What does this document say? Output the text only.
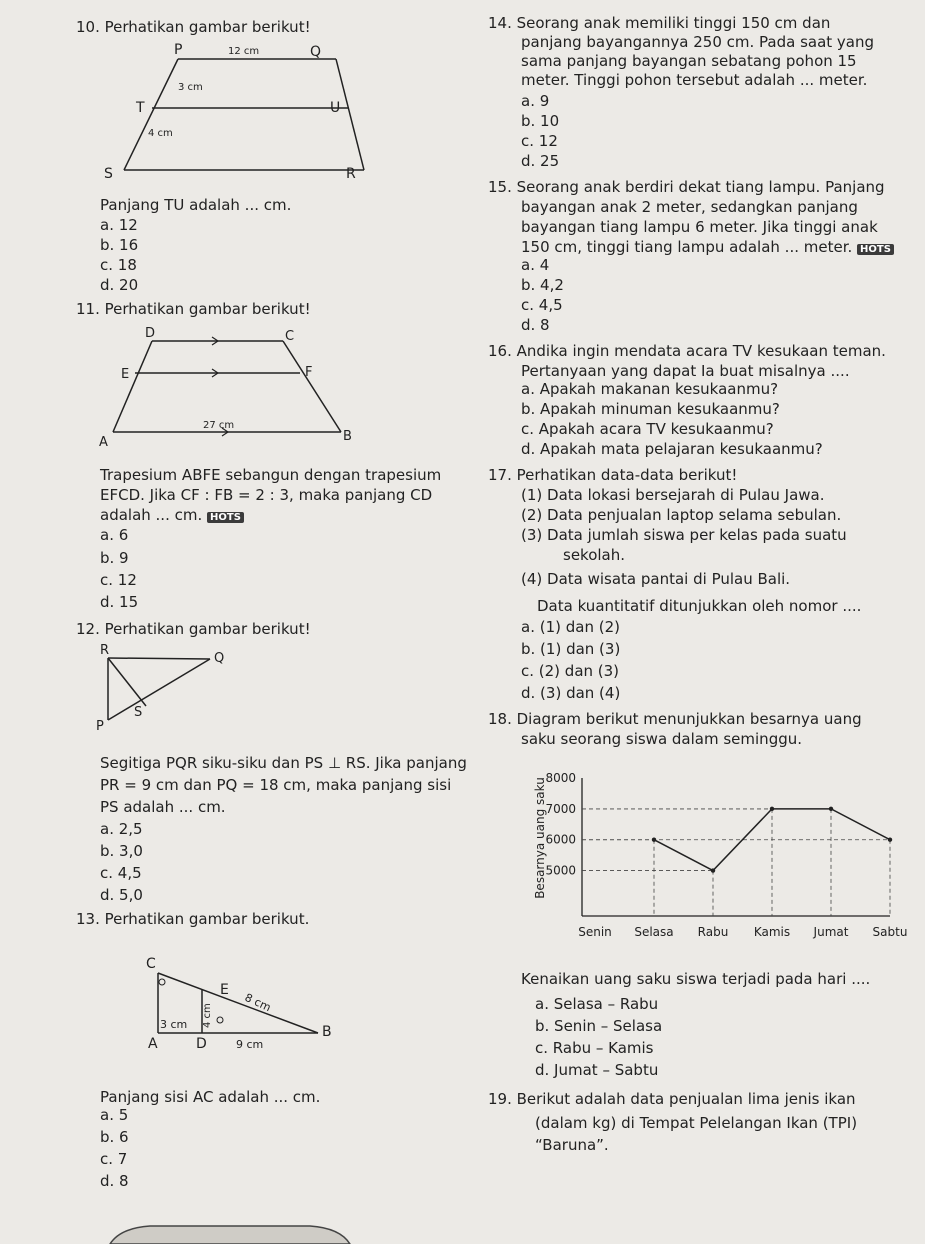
10. Perhatikan gambar berikut!
P	Q
12 cm
3 cm
T	U
4 cm
S	R
Panjang TU adalah ... cm.
a. 12
b. 16
c. 18
d. 20
11. Perhatikan gambar berikut!
D	C
E	F
27 cm
A	B
Trapesium ABFE sebangun dengan trapesium
EFCD. Jika CF : FB = 2 : 3, maka panjang CD
adalah ... cm. HOTS
a. 6
b. 9
c. 12
d. 15
12. Perhatikan gambar berikut!
R
Q
S
P
Segitiga PQR siku-siku dan PS ⊥ RS. Jika panjang
PR = 9 cm dan PQ = 18 cm, maka panjang sisi
PS adalah ... cm.
a. 2,5
b. 3,0
c. 4,5
d. 5,0
13. Perhatikan gambar berikut.
C
E
8 cm
3 cm 4 cm
A	D	9 cm
B
Panjang sisi AC adalah ... cm.
a. 5
b. 6
c. 7
d. 8
14. Seorang anak memiliki tinggi 150 cm dan
panjang bayangannya 250 cm. Pada saat yang
sama panjang bayangan sebatang pohon 15
meter. Tinggi pohon tersebut adalah ... meter.
a. 9
b. 10
c. 12
d. 25
15. Seorang anak berdiri dekat tiang lampu. Panjang
bayangan anak 2 meter, sedangkan panjang
bayangan tiang lampu 6 meter. Jika tinggi anak
150 cm, tinggi tiang lampu adalah ... meter. HOTS
a. 4
b. 4,2
c. 4,5
d. 8
16. Andika ingin mendata acara TV kesukaan teman.
Pertanyaan yang dapat Ia buat misalnya ....
a. Apakah makanan kesukaanmu?
b. Apakah minuman kesukaanmu?
c. Apakah acara TV kesukaanmu?
d. Apakah mata pelajaran kesukaanmu?
17. Perhatikan data-data berikut!
(1) Data lokasi bersejarah di Pulau Jawa.
(2) Data penjualan laptop selama sebulan.
(3) Data jumlah siswa per kelas pada suatu
sekolah.
(4) Data wisata pantai di Pulau Bali.
Data kuantitatif ditunjukkan oleh nomor ....
a. (1) dan (2)
b. (1) dan (3)
c. (2) dan (3)
d. (3) dan (4)
18. Diagram berikut menunjukkan besarnya uang
saku seorang siswa dalam seminggu.
Besarnya uang saku
5000
6000
7000
8000
Senin Selasa Rabu Kamis Jumat Sabtu
Kenaikan uang saku siswa terjadi pada hari ....
a. Selasa – Rabu
b. Senin – Selasa
c. Rabu – Kamis
d. Jumat – Sabtu
19. Berikut adalah data penjualan lima jenis ikan
(dalam kg) di Tempat Pelelangan Ikan (TPI)
“Baruna”.
